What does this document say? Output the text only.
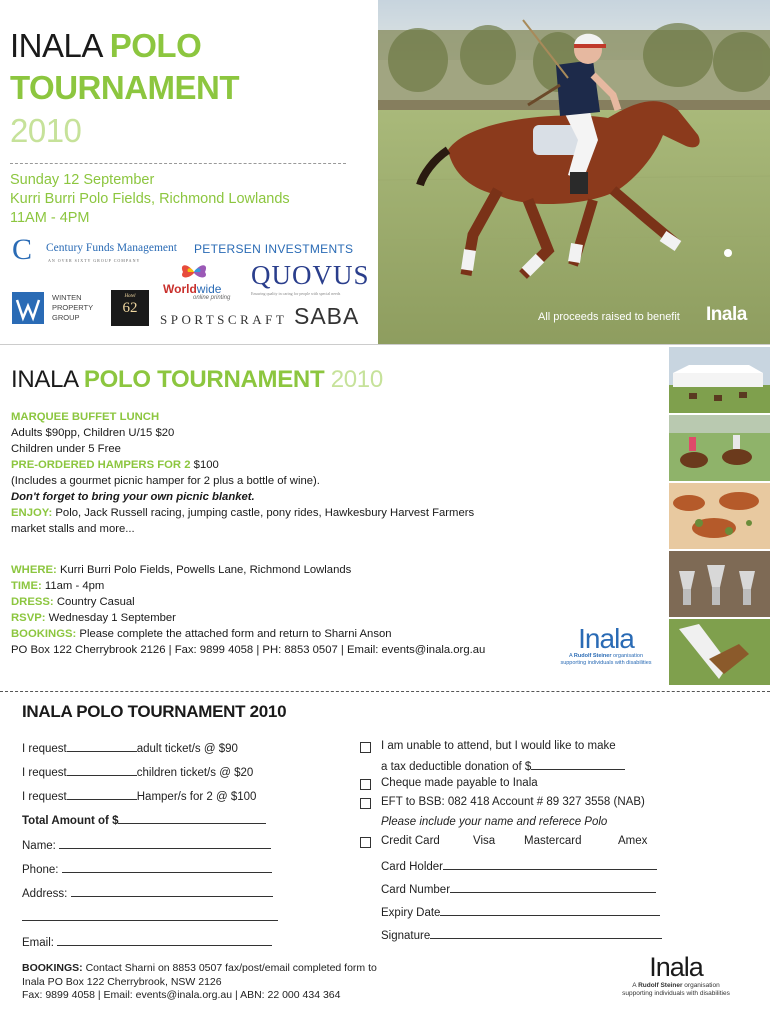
INALA POLO
TOURNAMENT
2010
Sunday 12 September
Kurri Burri Polo Fields, Richmond Lowlands
11AM - 4PM
C Century Funds Management
AN OVER SIXTY GROUP COMPANY
PETERSEN INVESTMENTS
Worldwide
online printing
QUOVUS
Ensuring quality in caring for people with special needs
WINTEN
PROPERTY
GROUP
Hotel
62
SPORTSCRAFT SABA	All proceeds raised to benefit Inala
INALA POLO TOURNAMENT 2010
MARQUEE BUFFET LUNCH
Adults $90pp, Children U/15 $20
Children under 5 Free
PRE-ORDERED HAMPERS FOR 2 $100
(Includes a gourmet picnic hamper for 2 plus a bottle of wine).
Don't forget to bring your own picnic blanket.
ENJOY: Polo, Jack Russell racing, jumping castle, pony rides, Hawkesbury Harvest Farmers
market stalls and more...
WHERE: Kurri Burri Polo Fields, Powells Lane, Richmond Lowlands
TIME: 11am - 4pm
DRESS: Country Casual
RSVP: Wednesday 1 September
BOOKINGS: Please complete the attached form and return to Sharni Anson
PO Box 122 Cherrybrook 2126 | Fax: 9899 4058 | PH: 8853 0507 | Email: events@inala.org.au	Inala
A Rudolf Steiner organisation
supporting individuals with disabilities
INALA POLO TOURNAMENT 2010
I request	adult ticket/s @ $90
I request	children ticket/s @ $20
I request	Hamper/s for 2 @ $100
Total Amount of $
Name:
Phone:
Address:
Email:
I am unable to attend, but I would like to make
a tax deductible donation of $
Cheque made payable to Inala
EFT to BSB: 082 418 Account # 89 327 3558 (NAB)
Please include your name and referece Polo
Credit Card	Visa	Mastercard	Amex
Card Holder
Card Number
Expiry Date
Signature
BOOKINGS: Contact Sharni on 8853 0507 fax/post/email completed form to
Inala PO Box 122 Cherrybrook, NSW 2126
Fax: 9899 4058 | Email: events@inala.org.au | ABN: 22 000 434 364
Inala
A Rudolf Steiner organisation
supporting individuals with disabilities
